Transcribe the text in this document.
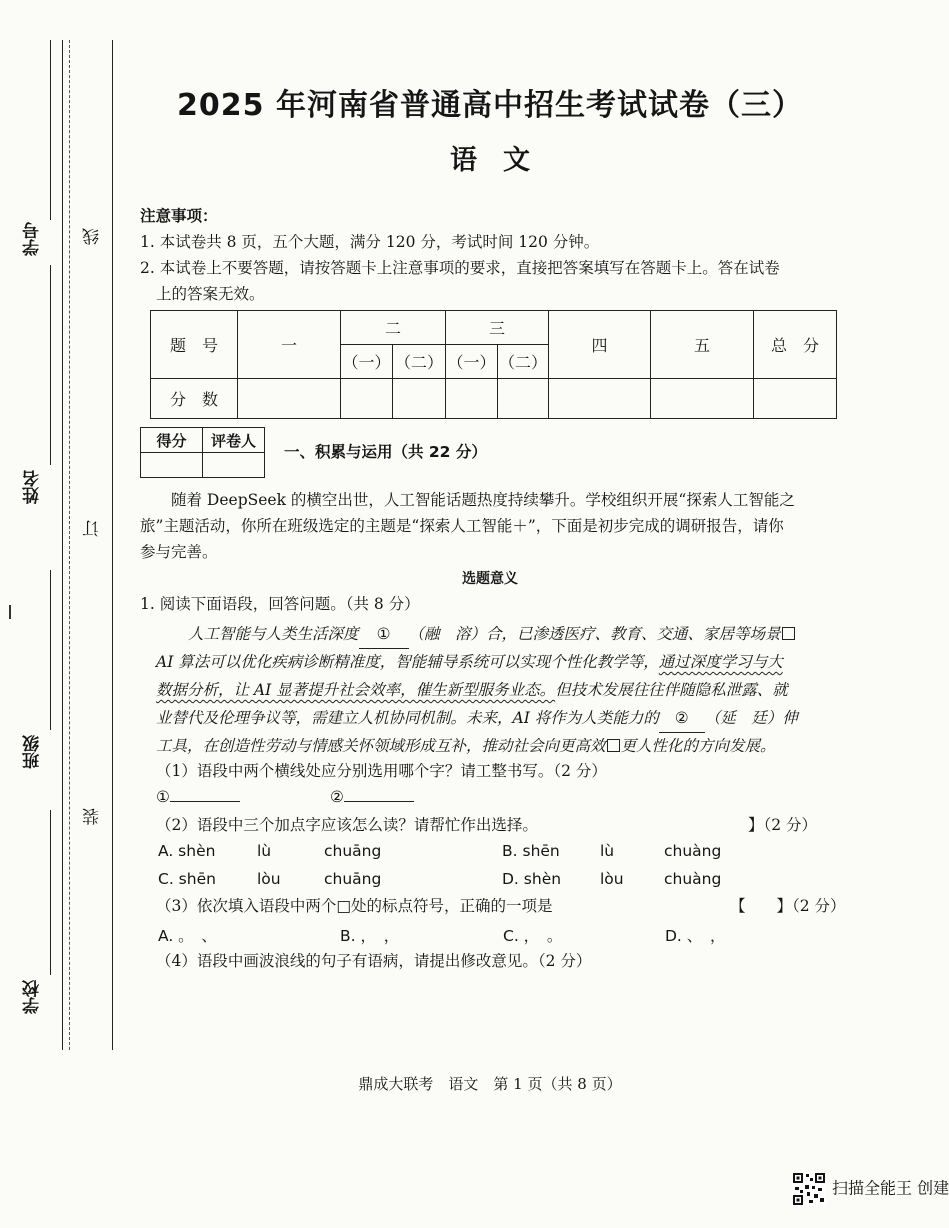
学号
姓名
班级
学校
线
订
装
2025 年河南省普通高中招生考试试卷（三）
语文
注意事项：
1. 本试卷共 8 页，五个大题，满分 120 分，考试时间 120 分钟。
2. 本试卷上不要答题，请按答题卡上注意事项的要求，直接把答案填写在答题卡上。答在试卷
上的答案无效。
题　号	一	二		三		四	五	总　分
		（一）	（二）	（一）	（二）			
分　数								
得分	评卷人

一、积累与运用（共 22 分）
随着 DeepSeek 的横空出世，人工智能话题热度持续攀升。学校组织开展“探索人工智能之
旅”主题活动，你所在班级选定的主题是“探索人工智能＋”，下面是初步完成的调研报告，请你
参与完善。
选题意义
1. 阅读下面语段，回答问题。（共 8 分）
人工智能与人类生活深度 ① （融　溶）合，已渗透医疗、教育、交通、家居等场景
AI 算法可以优化疾病诊断精准度，智能辅导系统可以实现个性化教学等，通过深度学习与大
数据分析，让 AI 显著提升社会效率，催生新型服务业态。但技术发展往往伴随隐私泄露、就
业替代及伦理争议等，需建立人机协同机制。未来，AI 将作为人类能力的 ② （延　廷）伸
工具，在创造性劳动与情感关怀领域形成互补，推动社会向更高效 更人性化的方向发展。
（1）语段中两个横线处应分别选用哪个字？请工整书写。（2 分）
①	②
（2）语段中三个加点字应该怎么读？请帮忙作出选择。	】（2 分）
A. shèn	lù	chuāng	B. shēn	lù	chuàng
C. shēn	lòu	chuāng	D. shèn	lòu	chuàng
（3）依次填入语段中两个□处的标点符号，正确的一项是	【　　】（2 分）
A. 。　、	B. ，　，	C. ，　。	D. 、　，
（4）语段中画波浪线的句子有语病，请提出修改意见。（2 分）
鼎成大联考　语文　第 1 页（共 8 页）
扫描全能王 创建
